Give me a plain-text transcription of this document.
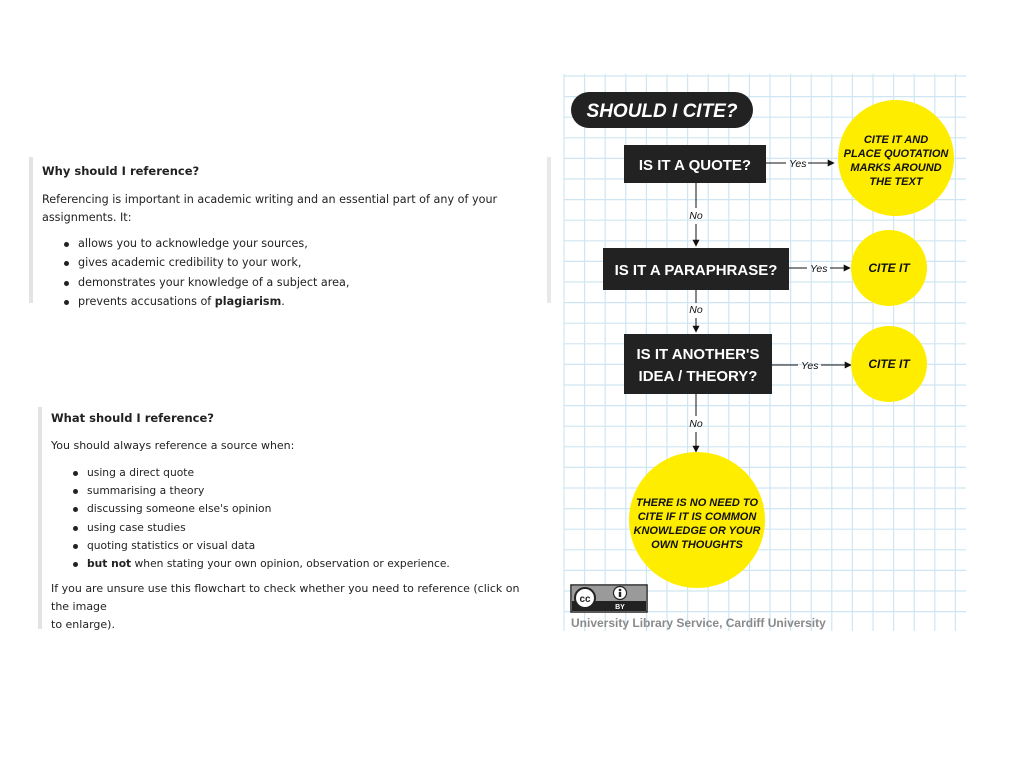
Why should I reference?

Referencing is important in academic writing and an essential part of any of your assignments. It:

allows you to acknowledge your sources,
gives academic credibility to your work,
demonstrates your knowledge of a subject area,
prevents accusations of plagiarism.
What should I reference?

You should always reference a source when:

using a direct quote
summarising a theory
discussing someone else's opinion
using case studies
quoting statistics or visual data
but not when stating your own opinion, observation or experience.

If you are unsure use this flowchart to check whether you need to reference (click on the image

to enlarge).

SHOULD I CITE?
IS IT A QUOTE?	Yes
CITE IT AND
PLACE QUOTATION
MARKS AROUND
THE TEXT
No
IS IT A PARAPHRASE?	Yes	CITE IT
No
IS IT ANOTHER'S
IDEA / THEORY?
Yes	CITE IT
No
THERE IS NO NEED TO
CITE IF IT IS COMMON
KNOWLEDGE OR YOUR
OWN THOUGHTS
cc
BY
University Library Service, Cardiff University
